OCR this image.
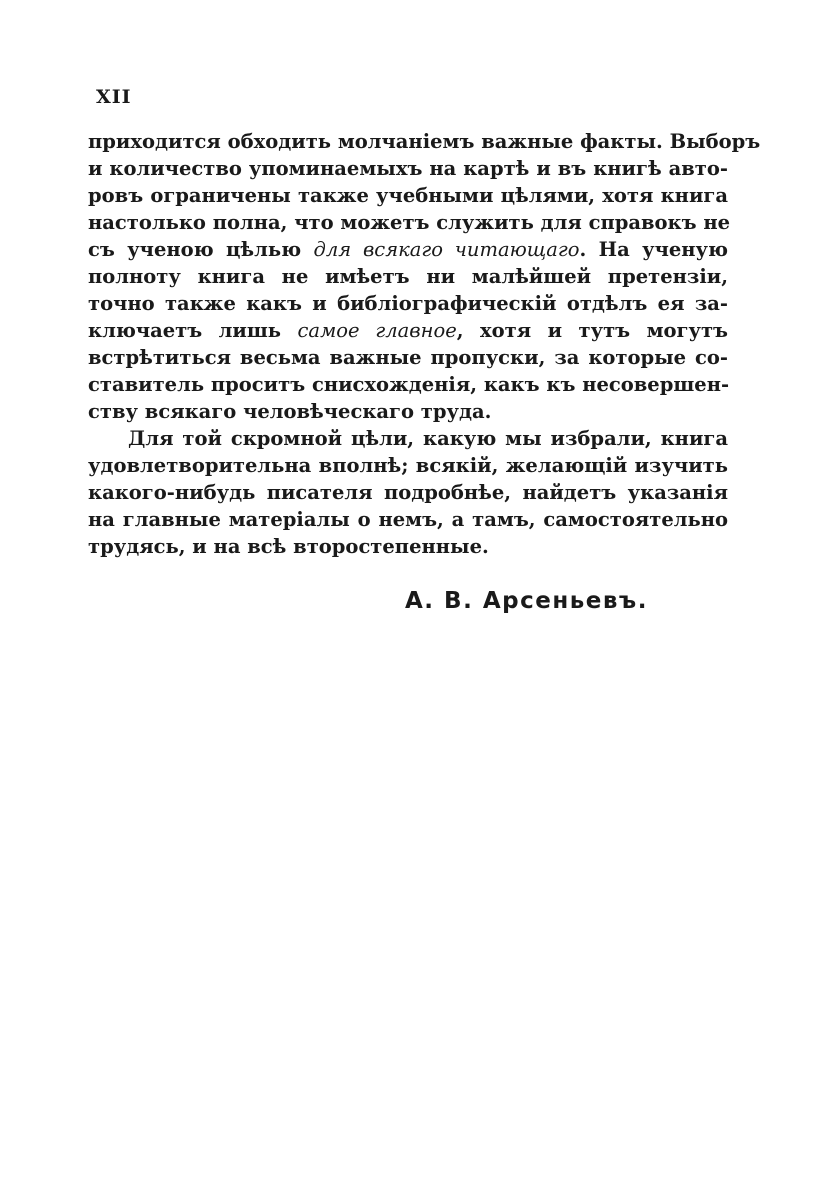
XII

приходится обходить молчаніемъ важные факты. Выборъ
и количество упоминаемыхъ на картѣ и въ книгѣ авто-
ровъ ограничены также учебными цѣлями, хотя книга
настолько полна, что можетъ служить для справокъ не
съ ученою цѣлью для всякаго читающаго. На ученую
полноту книга не имѣетъ ни малѣйшей претензіи,
точно также какъ и библіографическій отдѣлъ ея за-
ключаетъ лишь самое главное, хотя и тутъ могутъ
встрѣтиться весьма важные пропуски, за которые со-
ставитель проситъ снисхожденія, какъ къ несовершен-
ству всякаго человѣческаго труда.
Для той скромной цѣли, какую мы избрали, книга
удовлетворительна вполнѣ; всякій, желающій изучить
какого-нибудь писателя подробнѣе, найдетъ указанія
на главные матеріалы о немъ, а тамъ, самостоятельно
трудясь, и на всѣ второстепенные.

А. В. Арсеньевъ.
